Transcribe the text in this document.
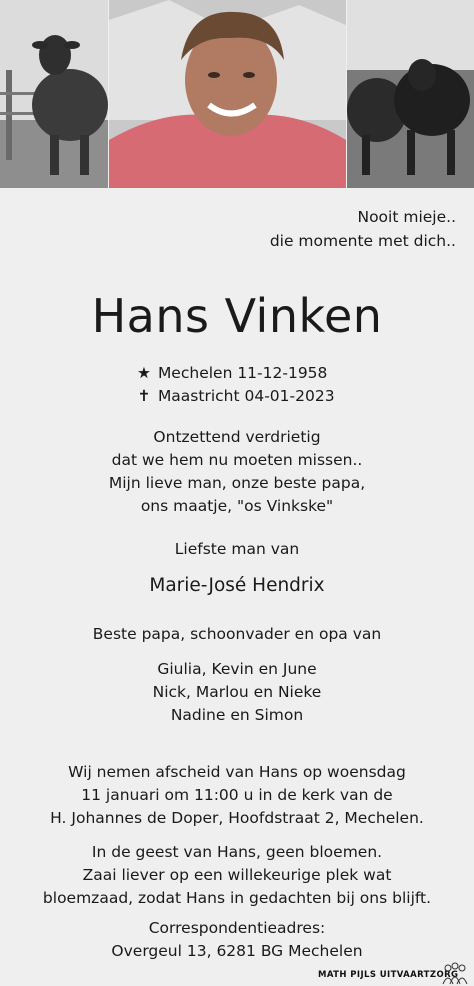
Nooit mieje..
die momente met dich..
Hans Vinken
★ Mechelen 11-12-1958
✝ Maastricht 04-01-2023
Ontzettend verdrietig
dat we hem nu moeten missen..
Mijn lieve man, onze beste papa,
ons maatje, "os Vinkske"
Liefste man van
Marie-José Hendrix
Beste papa, schoonvader en opa van
Giulia, Kevin en June
Nick, Marlou en Nieke
Nadine en Simon
Wij nemen afscheid van Hans op woensdag
11 januari om 11:00 u in de kerk van de
H. Johannes de Doper, Hoofdstraat 2, Mechelen.
In de geest van Hans, geen bloemen.
Zaai liever op een willekeurige plek wat
bloemzaad, zodat Hans in gedachten bij ons blijft.
Correspondentieadres:
Overgeul 13, 6281 BG Mechelen
MATH PIJLS UITVAARTZORG
